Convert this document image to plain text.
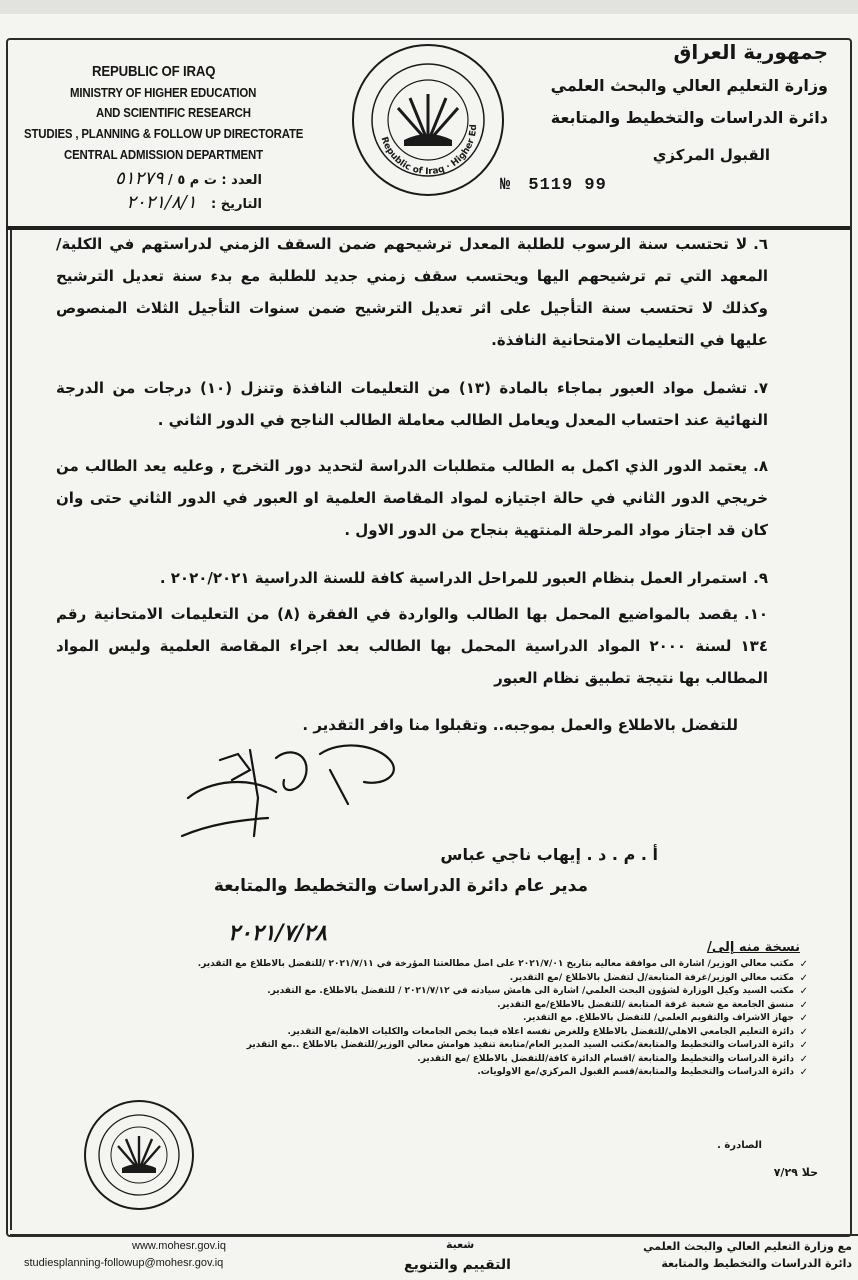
REPUBLIC OF IRAQ
MINISTRY OF HIGHER EDUCATION
AND SCIENTIFIC RESEARCH
STUDIES , PLANNING & FOLLOW UP DIRECTORATE
CENTRAL ADMISSION DEPARTMENT
العدد : ت م ٥ / ٥١٢٧٩
التاريخ : ٢٠٢١/٨/١
Republic of Iraq · Higher Ed
جمهورية العراق
وزارة التعليم العالي والبحث العلمي
دائرة الدراسات والتخطيط والمتابعة
القبول المركزي
№ 5119 99
٦.لا تحتسب سنة الرسوب للطلبة المعدل ترشيحهم ضمن السقف الزمني لدراستهم في الكلية/المعهد التي تم ترشيحهم اليها ويحتسب سقف زمني جديد للطلبة مع بدء سنة تعديل الترشيح وكذلك لا تحتسب سنة التأجيل على اثر تعديل الترشيح ضمن سنوات التأجيل الثلاث المنصوص عليها في التعليمات الامتحانية النافذة.
٧.تشمل مواد العبور بماجاء بالمادة (١٣) من التعليمات النافذة وتنزل (١٠) درجات من الدرجة النهائية عند احتساب المعدل ويعامل الطالب معاملة الطالب الناجح في الدور الثاني .
٨.يعتمد الدور الذي اكمل به الطالب متطلبات الدراسة لتحديد دور التخرج , وعليه يعد الطالب من خريجي الدور الثاني في حالة اجتيازه لمواد المقاصة العلمية او العبور في الدور الثاني حتى وان كان قد اجتاز مواد المرحلة المنتهية بنجاح من الدور الاول .
٩.استمرار العمل بنظام العبور للمراحل الدراسية كافة للسنة الدراسية ٢٠٢٠/٢٠٢١ .
١٠.يقصد بالمواضيع المحمل بها الطالب والواردة في الفقرة (٨) من التعليمات الامتحانية رقم ١٣٤ لسنة ٢٠٠٠ المواد الدراسية المحمل بها الطالب بعد اجراء المقاصة العلمية وليس المواد المطالب بها نتيجة تطبيق نظام العبور
للتفضل بالاطلاع والعمل بموجبه.. وتقبلوا منا وافر التقدير .
أ . م . د . إيهاب ناجي عباس
مدير عام دائرة الدراسات والتخطيط والمتابعة
٢٠٢١/٧/٢٨
نسخة منه إلى/
✓
مكتب معالي الوزير/ اشارة الى موافقة معاليه بتاريخ ٢٠٢١/٧/٠١ على اصل مطالعتنا المؤرخة في ٢٠٢١/٧/١١ /للتفضل بالاطلاع مع التقدير.
✓
مكتب معالي الوزير/غرفة المتابعة/ل لتفضل بالاطلاع /مع التقدير.
✓
مكتب السيد وكيل الوزارة لشؤون البحث العلمي/ اشارة الى هامش سيادته في ٢٠٢١/٧/١٢ / للتفضل بالاطلاع. مع التقدير.
✓
منسق الجامعة مع شعبة غرفة المتابعة /للتفضل بالاطلاع/مع التقدير.
✓
جهاز الاشراف والتقويم العلمي/ للتفضل بالاطلاع. مع التقدير.
✓
دائرة التعليم الجامعي الاهلي/للتفضل بالاطلاع وللغرض نفسه اعلاه فيما يخص الجامعات والكليات الاهلية/مع التقدير.
✓
دائرة الدراسات والتخطيط والمتابعة/مكتب السيد المدير العام/متابعة تنفيذ هوامش معالي الوزير/للتفضل بالاطلاع ..مع التقدير
✓
دائرة الدراسات والتخطيط والمتابعة /اقسام الدائرة كافة/للتفضل بالاطلاع /مع التقدير.
✓
دائرة الدراسات والتخطيط والمتابعة/قسم القبول المركزي/مع الاولويات.
الصادرة .
حلا ٧/٢٩
www.mohesr.gov.iq
studiesplanning-followup@mohesr.gov.iq
شعبة
التقييم والتنويع
مع وزارة التعليم العالي والبحث العلمي
دائرة الدراسات والتخطيط والمتابعة
